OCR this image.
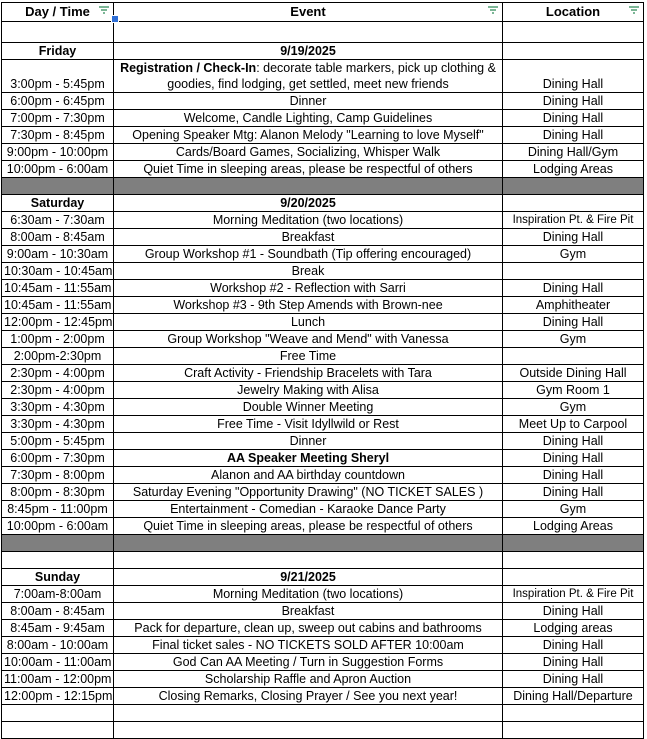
Day / Time	Event	Location

Friday	9/19/2025	
3:00pm - 5:45pm	Registration / Check-In: decorate table markers, pick up clothing & goodies, find lodging, get settled, meet new friends	Dining Hall
6:00pm - 6:45pm	Dinner	Dining Hall
7:00pm - 7:30pm	Welcome, Candle Lighting, Camp Guidelines	Dining Hall
7:30pm - 8:45pm	Opening Speaker Mtg: Alanon Melody "Learning to love Myself"	Dining Hall
9:00pm - 10:00pm	Cards/Board Games, Socializing, Whisper Walk	Dining Hall/Gym
10:00pm - 6:00am	Quiet Time in sleeping areas, please be respectful of others	Lodging Areas

Saturday	9/20/2025	
6:30am - 7:30am	Morning Meditation (two locations)	Inspiration Pt. & Fire Pit
8:00am - 8:45am	Breakfast	Dining Hall
9:00am - 10:30am	Group Workshop #1 - Soundbath (Tip offering encouraged)	Gym
10:30am - 10:45am	Break	
10:45am - 11:55am	Workshop #2 - Reflection with Sarri	Dining Hall
10:45am - 11:55am	Workshop #3 - 9th Step Amends with Brown-nee	Amphitheater
12:00pm - 12:45pm	Lunch	Dining Hall
1:00pm - 2:00pm	Group Workshop "Weave and Mend" with Vanessa	Gym
2:00pm-2:30pm	Free Time	
2:30pm - 4:00pm	Craft Activity - Friendship Bracelets with Tara	Outside Dining Hall
2:30pm - 4:00pm	Jewelry Making with Alisa	Gym Room 1
3:30pm - 4:30pm	Double Winner Meeting	Gym
3:30pm - 4:30pm	Free Time - Visit Idyllwild or Rest	Meet Up to Carpool
5:00pm - 5:45pm	Dinner	Dining Hall
6:00pm - 7:30pm	AA Speaker Meeting Sheryl	Dining Hall
7:30pm - 8:00pm	Alanon and AA birthday countdown	Dining Hall
8:00pm - 8:30pm	Saturday Evening "Opportunity Drawing" (NO TICKET SALES )	Dining Hall
8:45pm - 11:00pm	Entertainment - Comedian - Karaoke Dance Party	Gym
10:00pm - 6:00am	Quiet Time in sleeping areas, please be respectful of others	Lodging Areas

Sunday	9/21/2025	
7:00am-8:00am	Morning Meditation (two locations)	Inspiration Pt. & Fire Pit
8:00am - 8:45am	Breakfast	Dining Hall
8:45am - 9:45am	Pack for departure, clean up, sweep out cabins and bathrooms	Lodging areas
8:00am - 10:00am	Final ticket sales - NO TICKETS SOLD AFTER 10:00am	Dining Hall
10:00am - 11:00am	God Can AA Meeting / Turn in Suggestion Forms	Dining Hall
11:00am - 12:00pm	Scholarship Raffle and Apron Auction	Dining Hall
12:00pm - 12:15pm	Closing Remarks, Closing Prayer / See you next year!	Dining Hall/Departure
